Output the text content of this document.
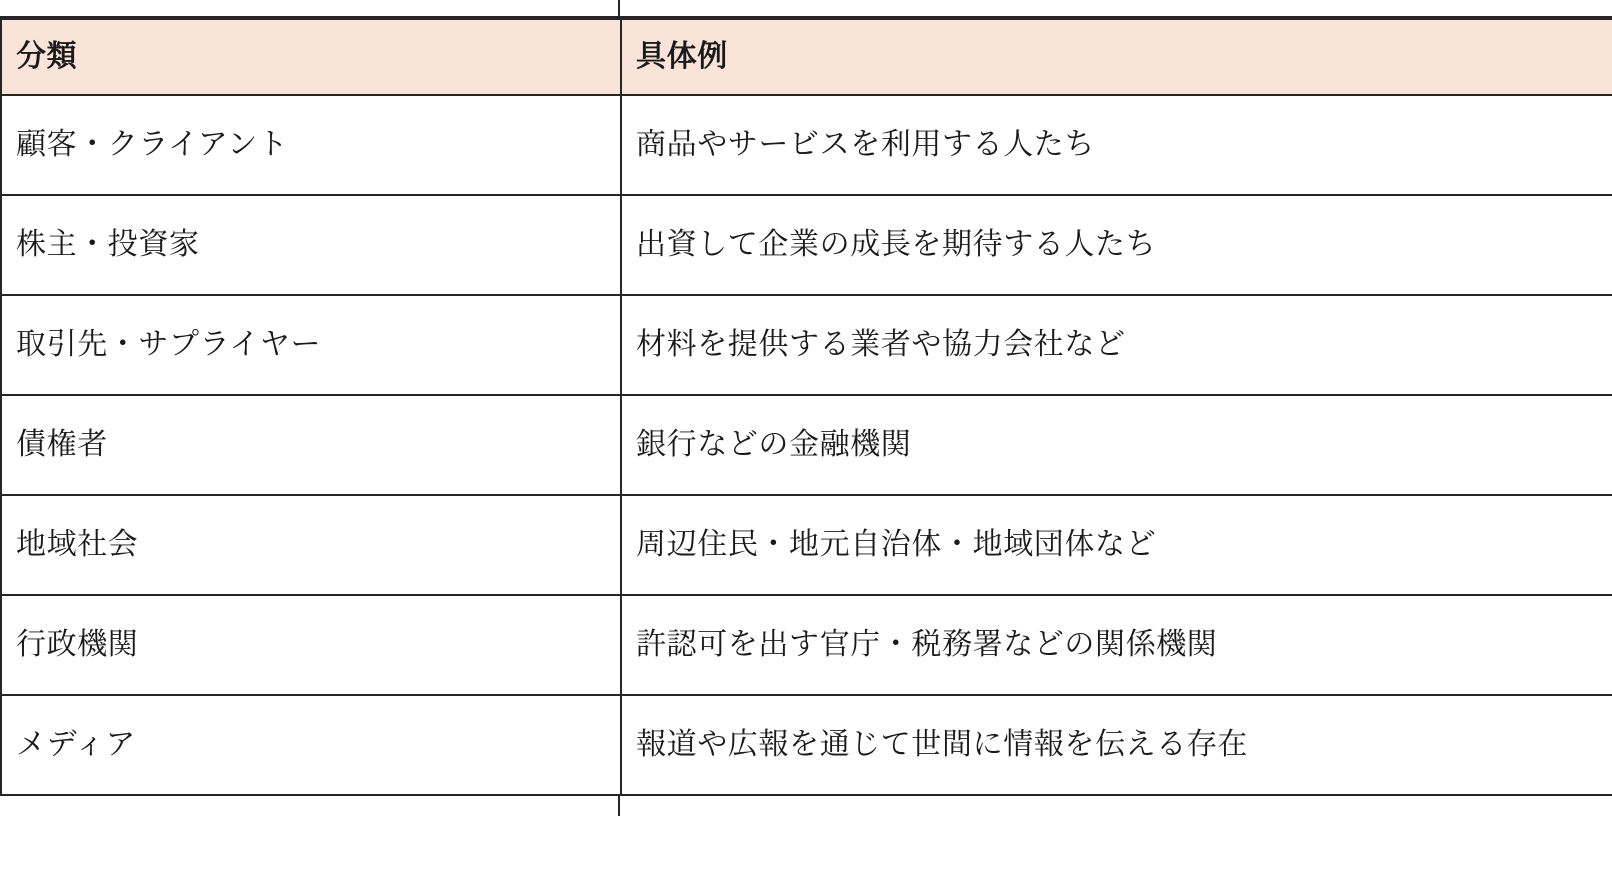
分類	具体例
顧客・クライアント	商品やサービスを利用する人たち
株主・投資家	出資して企業の成長を期待する人たち
取引先・サプライヤー	材料を提供する業者や協力会社など
債権者	銀行などの金融機関
地域社会	周辺住民・地元自治体・地域団体など
行政機関	許認可を出す官庁・税務署などの関係機関
メディア	報道や広報を通じて世間に情報を伝える存在
